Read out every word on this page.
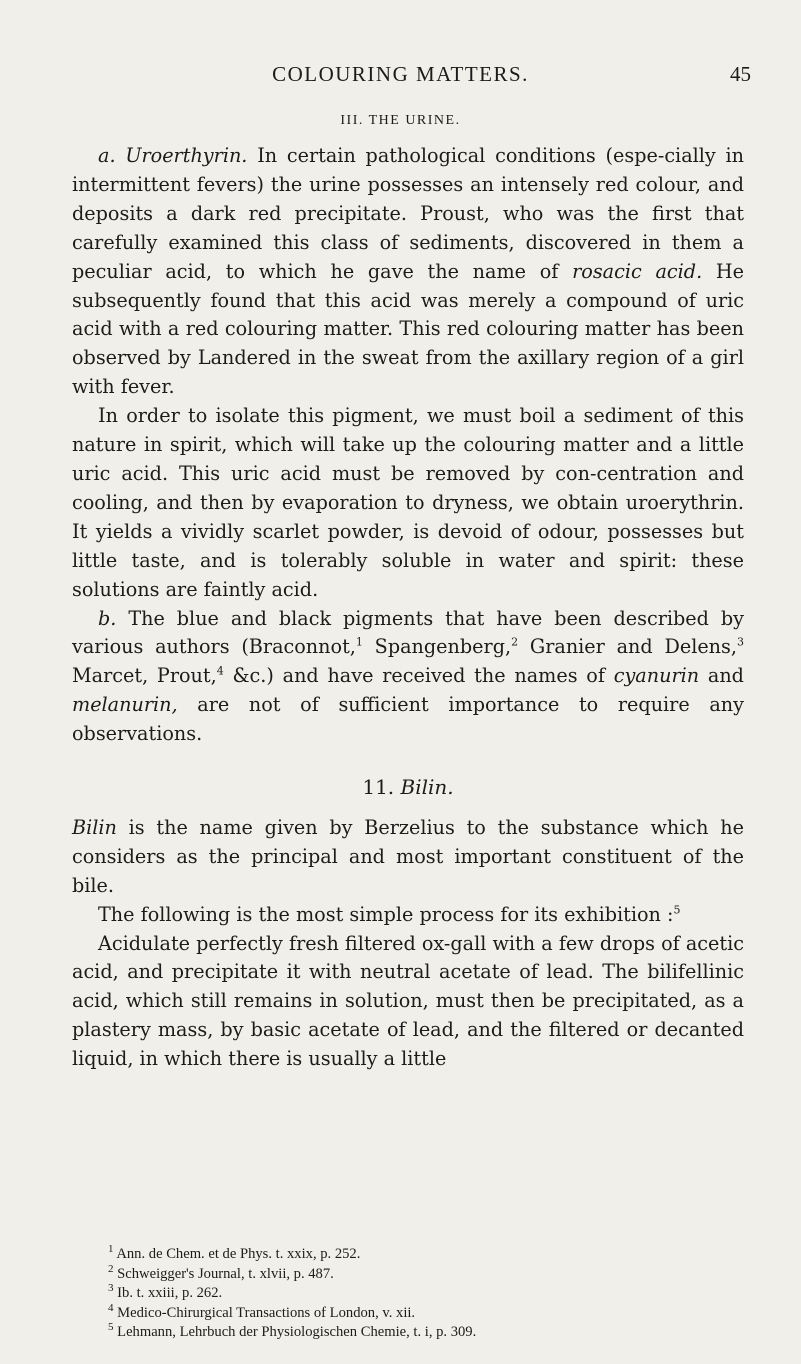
COLOURING MATTERS.	45
III. THE URINE.

a. Uroerthyrin. In certain pathological conditions (espe-cially in intermittent fevers) the urine possesses an intensely red colour, and deposits a dark red precipitate. Proust, who was the first that carefully examined this class of sediments, discovered in them a peculiar acid, to which he gave the name of rosacic acid. He subsequently found that this acid was merely a compound of uric acid with a red colouring matter. This red colouring matter has been observed by Landered in the sweat from the axillary region of a girl with fever.

In order to isolate this pigment, we must boil a sediment of this nature in spirit, which will take up the colouring matter and a little uric acid. This uric acid must be removed by con-centration and cooling, and then by evaporation to dryness, we obtain uroerythrin. It yields a vividly scarlet powder, is devoid of odour, possesses but little taste, and is tolerably soluble in water and spirit: these solutions are faintly acid.

b. The blue and black pigments that have been described by various authors (Braconnot,$^1$ Spangenberg,$^2$ Granier and Delens,$^3$ Marcet, Prout,$^4$ &c.) and have received the names of cyanurin and melanurin, are not of sufficient importance to require any observations.

11. Bilin.

Bilin is the name given by Berzelius to the substance which he considers as the principal and most important constituent of the bile.

The following is the most simple process for its exhibition :$^5$

Acidulate perfectly fresh filtered ox-gall with a few drops of acetic acid, and precipitate it with neutral acetate of lead. The bilifellinic acid, which still remains in solution, must then be precipitated, as a plastery mass, by basic acetate of lead, and the filtered or decanted liquid, in which there is usually a little

$^1$ Ann. de Chem. et de Phys. t. xxix, p. 252.
$^2$ Schweigger's Journal, t. xlvii, p. 487.
$^3$ Ib. t. xxiii, p. 262.
$^4$ Medico-Chirurgical Transactions of London, v. xii.
$^5$ Lehmann, Lehrbuch der Physiologischen Chemie, t. i, p. 309.
